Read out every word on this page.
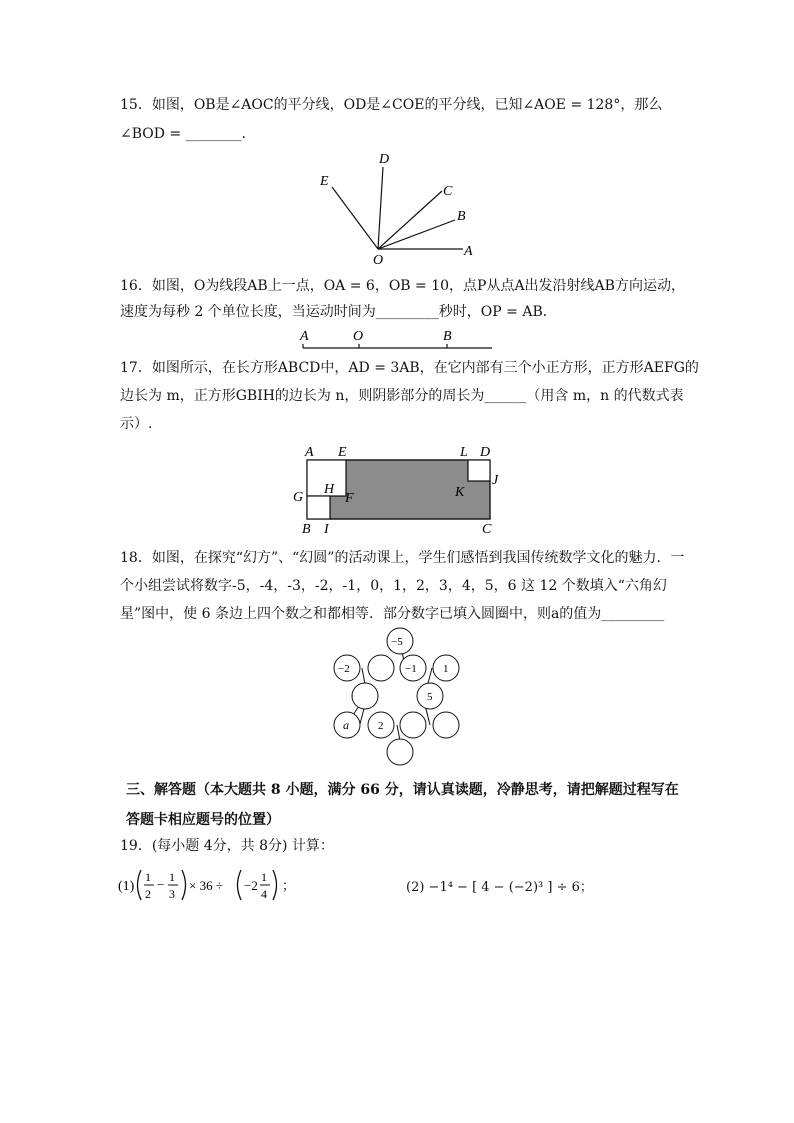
15．如图，OB是∠AOC的平分线，OD是∠COE的平分线，已知∠AOE = 128°，那么
∠BOD = ________．
D
E
C
B
O
A
16．如图，O为线段AB上一点，OA = 6，OB = 10，点P从点A出发沿射线AB方向运动，
速度为每秒 2 个单位长度，当运动时间为_________秒时，OP = AB．
A	O	B
17．如图所示，在长方形ABCD中，AD = 3AB，在它内部有三个小正方形，正方形AEFG的
边长为 m，正方形GBIH的边长为 n，则阴影部分的周长为______（用含 m，n 的代数式表
示）.
A E	L D
J
G
H
F	K
B I	C
18．如图，在探究“幻方”、“幻圆”的活动课上，学生们感悟到我国传统数学文化的魅力．一
个小组尝试将数字-5，-4，-3，-2，-1，0，1，2，3，4，5，6 这 12 个数填入“六角幻
星”图中，使 6 条边上四个数之和都相等．部分数字已填入圆圈中，则a的值为_________
−5
−2	−1 1
5
a	2
三、解答题（本大题共 8 小题，满分 66 分，请认真读题，冷静思考，请把解题过程写在
答题卡相应题号的位置）
19．(每小题 4分，共 8分) 计算：
(1)
1
2
− 1
3
× 36 ÷ −2
1
4
；	(2) −1⁴ − [ 4 − (−2)³ ] ÷ 6；
